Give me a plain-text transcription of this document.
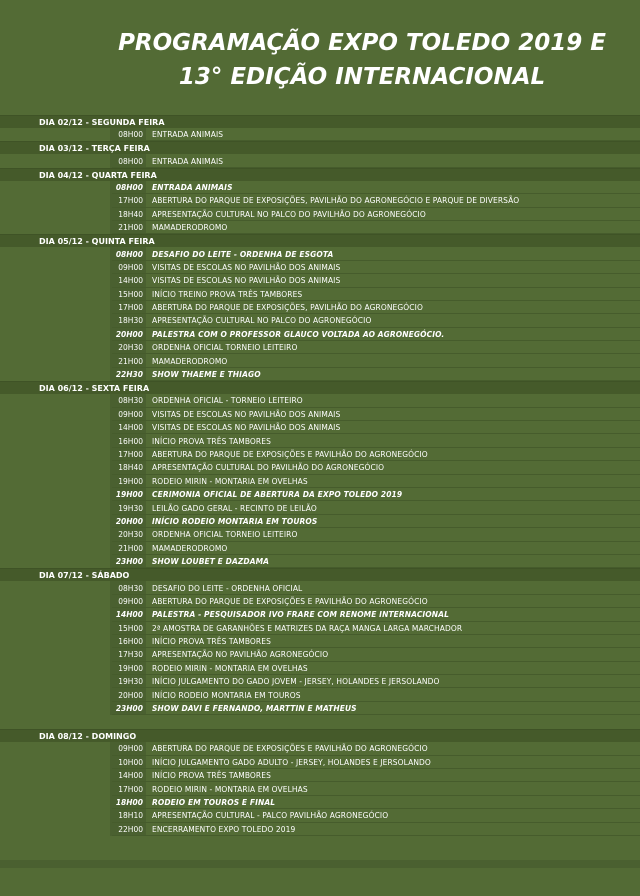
PROGRAMAÇÃO EXPO TOLEDO 2019 E
13° EDIÇÃO INTERNACIONAL
DIA 02/12 - SEGUNDA FEIRA
08H00	ENTRADA ANIMAIS
DIA 03/12 - TERÇA FEIRA
08H00	ENTRADA ANIMAIS
DIA 04/12 - QUARTA FEIRA
08H00	ENTRADA ANIMAIS
17H00	ABERTURA DO PARQUE DE EXPOSIÇÕES, PAVILHÃO DO AGRONEGÓCIO E PARQUE DE DIVERSÃO
18H40	APRESENTAÇÃO CULTURAL NO PALCO DO PAVILHÃO DO AGRONEGÓCIO
21H00	MAMADERODROMO
DIA 05/12 - QUINTA FEIRA
08H00	DESAFIO DO LEITE - ORDENHA DE ESGOTA
09H00	VISITAS DE ESCOLAS NO PAVILHÃO DOS ANIMAIS
14H00	VISITAS DE ESCOLAS NO PAVILHÃO DOS ANIMAIS
15H00	INÍCIO TREINO PROVA TRÊS TAMBORES
17H00	ABERTURA DO PARQUE DE EXPOSIÇÕES, PAVILHÃO DO AGRONEGÓCIO
18H30	APRESENTAÇÃO CULTURAL NO PALCO DO AGRONEGÓCIO
20H00	PALESTRA COM O PROFESSOR GLAUCO VOLTADA AO AGRONEGÓCIO.
20H30	ORDENHA OFICIAL TORNEIO LEITEIRO
21H00	MAMADERODROMO
22H30	SHOW THAEME E THIAGO
DIA 06/12 - SEXTA FEIRA
08H30	ORDENHA OFICIAL - TORNEIO LEITEIRO
09H00	VISITAS DE ESCOLAS NO PAVILHÃO DOS ANIMAIS
14H00	VISITAS DE ESCOLAS NO PAVILHÃO DOS ANIMAIS
16H00	INÍCIO PROVA TRÊS TAMBORES
17H00	ABERTURA DO PARQUE DE EXPOSIÇÕES E PAVILHÃO DO AGRONEGÓCIO
18H40	APRESENTAÇÃO CULTURAL DO PAVILHÃO DO AGRONEGÓCIO
19H00	RODEIO MIRIN - MONTARIA EM OVELHAS
19H00	CERIMONIA OFICIAL DE ABERTURA DA EXPO TOLEDO 2019
19H30	LEILÃO GADO GERAL - RECINTO DE LEILÃO
20H00	INÍCIO RODEIO MONTARIA EM TOUROS
20H30	ORDENHA OFICIAL TORNEIO LEITEIRO
21H00	MAMADERODROMO
23H00	SHOW LOUBET E DAZDAMA
DIA 07/12 - SÁBADO
08H30	DESAFIO DO LEITE - ORDENHA OFICIAL
09H00	ABERTURA DO PARQUE DE EXPOSIÇÕES E PAVILHÃO DO AGRONEGÓCIO
14H00	PALESTRA - PESQUISADOR IVO FRARE COM RENOME INTERNACIONAL
15H00	2ª AMOSTRA DE GARANHÕES E MATRIZES DA RAÇA MANGA LARGA MARCHADOR
16H00	INÍCIO PROVA TRÊS TAMBORES
17H30	APRESENTAÇÃO NO PAVILHÃO AGRONEGÓCIO
19H00	RODEIO MIRIN - MONTARIA EM OVELHAS
19H30	INÍCIO JULGAMENTO DO GADO JOVEM - JERSEY, HOLANDES E JERSOLANDO
20H00	INÍCIO RODEIO MONTARIA EM TOUROS
23H00	SHOW DAVI E FERNANDO, MARTTIN E MATHEUS
DIA 08/12 - DOMINGO
09H00	ABERTURA DO PARQUE DE EXPOSIÇÕES E PAVILHÃO DO AGRONEGÓCIO
10H00	INÍCIO JULGAMENTO GADO ADULTO - JERSEY, HOLANDES E JERSOLANDO
14H00	INÍCIO PROVA TRÊS TAMBORES
17H00	RODEIO MIRIN - MONTARIA EM OVELHAS
18H00	RODEIO EM TOUROS E FINAL
18H10	APRESENTAÇÃO CULTURAL - PALCO PAVILHÃO AGRONEGÓCIO
22H00	ENCERRAMENTO EXPO TOLEDO 2019
